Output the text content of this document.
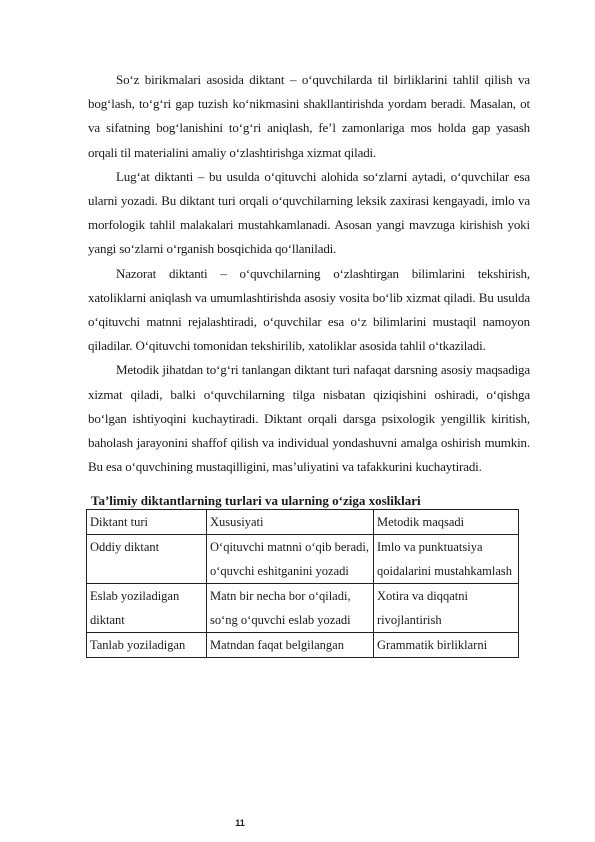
So‘z birikmalari asosida diktant – o‘quvchilarda til birliklarini tahlil qilish va bog‘lash, to‘g‘ri gap tuzish ko‘nikmasini shakllantirishda yordam beradi. Masalan, ot va sifatning bog‘lanishini to‘g‘ri aniqlash, fe’l zamonlariga mos holda gap yasash orqali til materialini amaliy o‘zlashtirishga xizmat qiladi.

Lug‘at diktanti – bu usulda o‘qituvchi alohida so‘zlarni aytadi, o‘quvchilar esa ularni yozadi. Bu diktant turi orqali o‘quvchilarning leksik zaxirasi kengayadi, imlo va morfologik tahlil malakalari mustahkamlanadi. Asosan yangi mavzuga kirishish yoki yangi so‘zlarni o‘rganish bosqichida qo‘llaniladi.

Nazorat diktanti – o‘quvchilarning o‘zlashtirgan bilimlarini tekshirish, xatoliklarni aniqlash va umumlashtirishda asosiy vosita bo‘lib xizmat qiladi. Bu usulda o‘qituvchi matnni rejalashtiradi, o‘quvchilar esa o‘z bilimlarini mustaqil namoyon qiladilar. O‘qituvchi tomonidan tekshirilib, xatoliklar asosida tahlil o‘tkaziladi.

Metodik jihatdan to‘g‘ri tanlangan diktant turi nafaqat darsning asosiy maqsadiga xizmat qiladi, balki o‘quvchilarning tilga nisbatan qiziqishini oshiradi, o‘qishga bo‘lgan ishtiyoqini kuchaytiradi. Diktant orqali darsga psixologik yengillik kiritish, baholash jarayonini shaffof qilish va individual yondashuvni amalga oshirish mumkin. Bu esa o‘quvchining mustaqilligini, mas’uliyatini va tafakkurini kuchaytiradi.

Ta’limiy diktantlarning turlari va ularning o‘ziga xosliklari
Diktant turi	Xususiyati	Metodik maqsadi
Oddiy diktant	O‘qituvchi matnni o‘qib beradi, o‘quvchi eshitganini yozadi	Imlo va punktuatsiya qoidalarini mustahkamlash
Eslab yoziladigan diktant	Matn bir necha bor o‘qiladi, so‘ng o‘quvchi eslab yozadi	Xotira va diqqatni rivojlantirish
Tanlab yoziladigan	Matndan faqat belgilangan	Grammatik birliklarni
11
